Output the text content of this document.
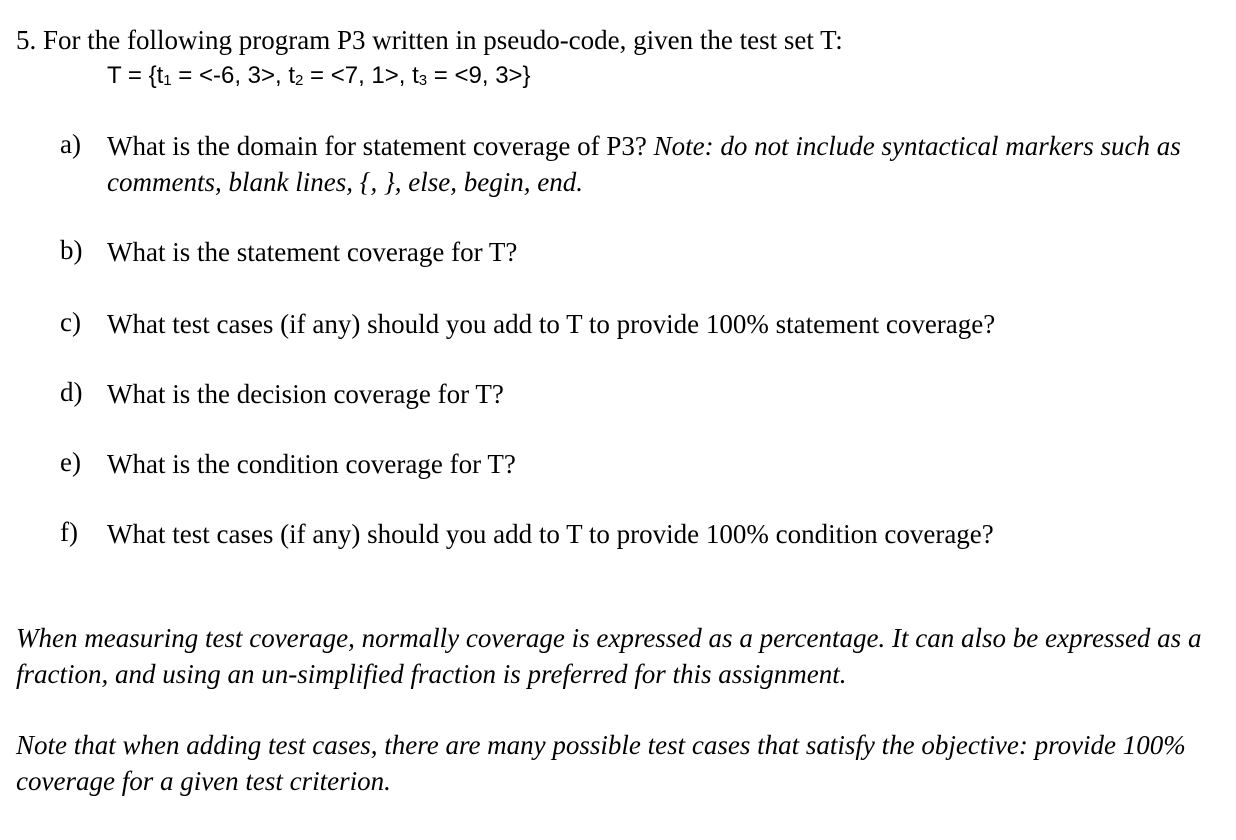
5. For the following program P3 written in pseudo-code, given the test set T:
$T = \{t_1 = <-6$, 3>, $t_2 = <7$, 1>, $t_3 = <9$, 3>}
a) What is the domain for statement coverage of P3? Note: do not include syntactical markers such as comments, blank lines, {, }, else, begin, end.
b) What is the statement coverage for T?
c) What test cases (if any) should you add to T to provide 100% statement coverage?
d) What is the decision coverage for T?
e) What is the condition coverage for T?
f) What test cases (if any) should you add to T to provide 100% condition coverage?
When measuring test coverage, normally coverage is expressed as a percentage. It can also be expressed as a fraction, and using an un-simplified fraction is preferred for this assignment.
Note that when adding test cases, there are many possible test cases that satisfy the objective: provide 100% coverage for a given test criterion.
